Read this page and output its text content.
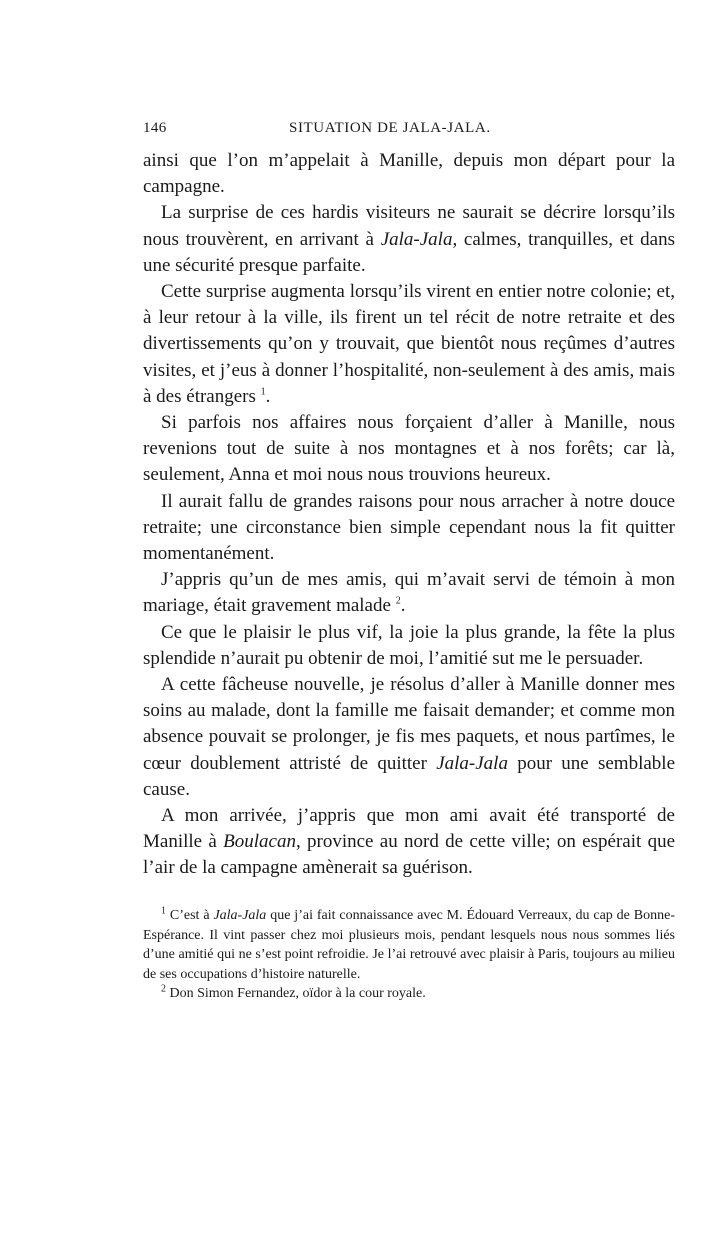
146	SITUATION DE JALA-JALA.

ainsi que l’on m’appelait à Manille, depuis mon départ pour la campagne.

La surprise de ces hardis visiteurs ne saurait se décrire lorsqu’ils nous trouvèrent, en arrivant à Jala-Jala, calmes, tranquilles, et dans une sécurité presque parfaite.

Cette surprise augmenta lorsqu’ils virent en entier notre colonie; et, à leur retour à la ville, ils firent un tel récit de notre retraite et des divertissements qu’on y trouvait, que bientôt nous reçûmes d’autres visites, et j’eus à donner l’hospitalité, non-seulement à des amis, mais à des étrangers $^1$.

Si parfois nos affaires nous forçaient d’aller à Manille, nous revenions tout de suite à nos montagnes et à nos forêts; car là, seulement, Anna et moi nous nous trouvions heureux.

Il aurait fallu de grandes raisons pour nous arracher à notre douce retraite; une circonstance bien simple cependant nous la fit quitter momentanément.

J’appris qu’un de mes amis, qui m’avait servi de témoin à mon mariage, était gravement malade $^2$.

Ce que le plaisir le plus vif, la joie la plus grande, la fête la plus splendide n’aurait pu obtenir de moi, l’amitié sut me le persuader.

A cette fâcheuse nouvelle, je résolus d’aller à Manille donner mes soins au malade, dont la famille me faisait demander; et comme mon absence pouvait se prolonger, je fis mes paquets, et nous partîmes, le cœur doublement attristé de quitter Jala-Jala pour une semblable cause.

A mon arrivée, j’appris que mon ami avait été transporté de Manille à Boulacan, province au nord de cette ville; on espérait que l’air de la campagne amènerait sa guérison.

$^1$ C’est à Jala-Jala que j’ai fait connaissance avec M. Édouard Verreaux, du cap de Bonne-Espérance. Il vint passer chez moi plusieurs mois, pendant lesquels nous nous sommes liés d’une amitié qui ne s’est point refroidie. Je l’ai retrouvé avec plaisir à Paris, toujours au milieu de ses occupations d’histoire naturelle.

$^2$ Don Simon Fernandez, oïdor à la cour royale.
